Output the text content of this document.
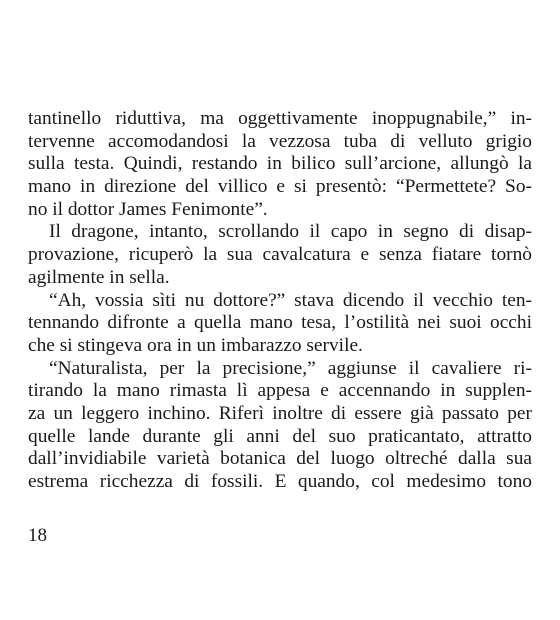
tantinello riduttiva, ma oggettivamente inoppugnabile,” in-
tervenne accomodandosi la vezzosa tuba di velluto grigio
sulla testa. Quindi, restando in bilico sull’arcione, allungò la
mano in direzione del villico e si presentò: “Permettete? So-
no il dottor James Fenimonte”.
Il dragone, intanto, scrollando il capo in segno di disap-
provazione, ricuperò la sua cavalcatura e senza fiatare tornò
agilmente in sella.
“Ah, vossia sìti nu dottore?” stava dicendo il vecchio ten-
tennando difronte a quella mano tesa, l’ostilità nei suoi occhi
che si stingeva ora in un imbarazzo servile.
“Naturalista, per la precisione,” aggiunse il cavaliere ri-
tirando la mano rimasta lì appesa e accennando in supplen-
za un leggero inchino. Riferì inoltre di essere già passato per
quelle lande durante gli anni del suo praticantato, attratto
dall’invidiabile varietà botanica del luogo oltreché dalla sua
estrema ricchezza di fossili. E quando, col medesimo tono
18
